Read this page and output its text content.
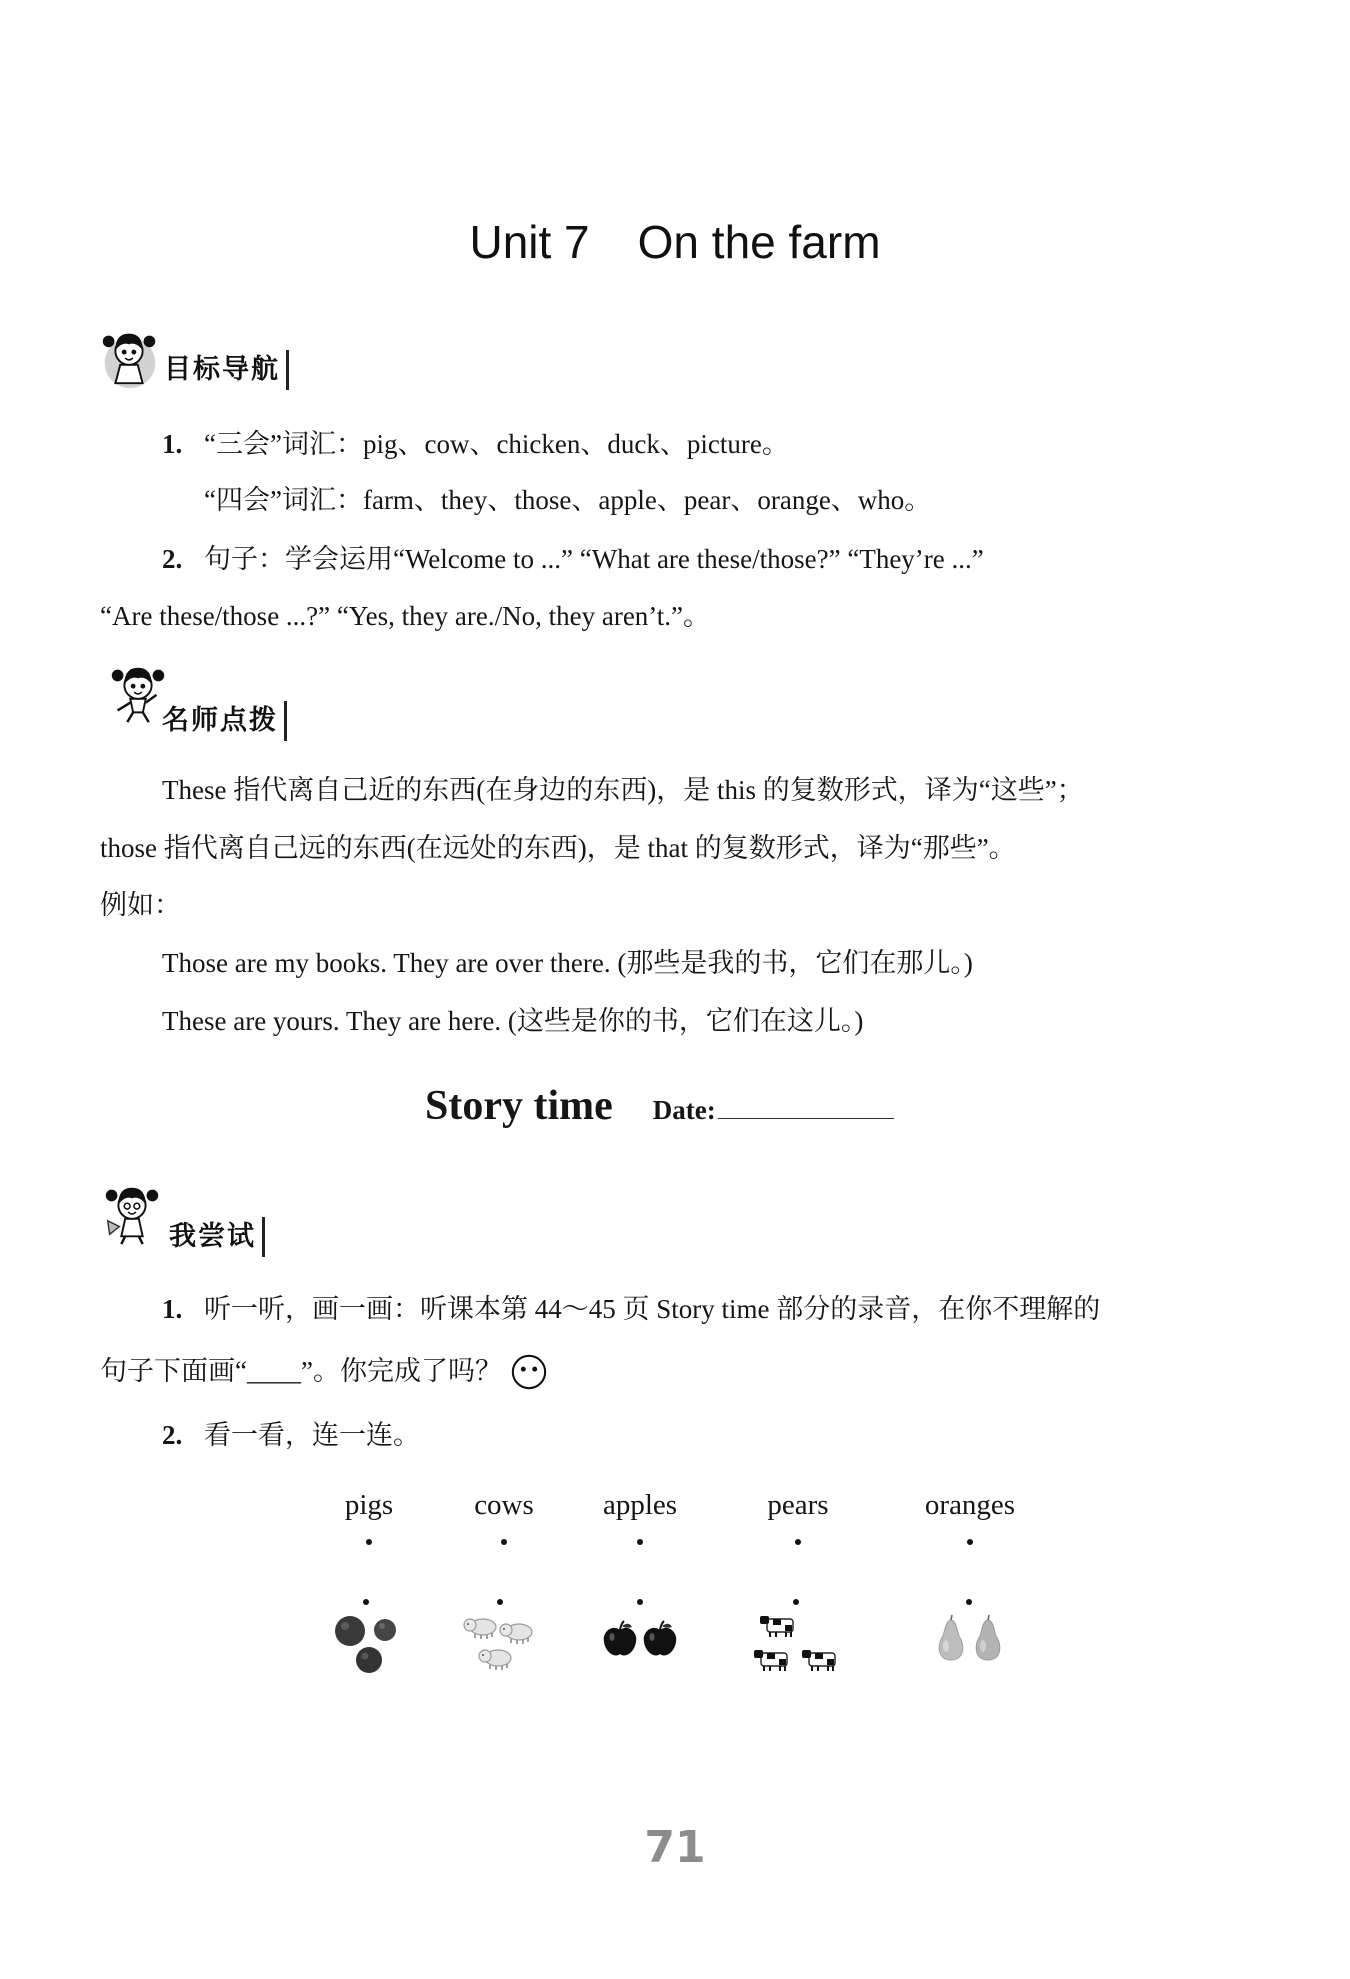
Unit 7 On the farm
目标导航
1. “三会”词汇：pig、cow、chicken、duck、picture。
“四会”词汇：farm、they、those、apple、pear、orange、who。
2. 句子：学会运用“Welcome to ...” “What are these/those?” “They’re ...”
“Are these/those ...?” “Yes, they are./No, they aren’t.”。
名师点拨
These 指代离自己近的东西(在身边的东西)，是 this 的复数形式，译为“这些”；
those 指代离自己远的东西(在远处的东西)，是 that 的复数形式，译为“那些”。
例如：
Those are my books. They are over there. (那些是我的书，它们在那儿。)
These are yours. They are here. (这些是你的书，它们在这儿。)
Story time Date:
我尝试
1. 听一听，画一画：听课本第 44～45 页 Story time 部分的录音，在你不理解的
句子下面画“____”。你完成了吗？
2. 看一看，连一连。
pigs	cows	apples	pears	oranges
71
